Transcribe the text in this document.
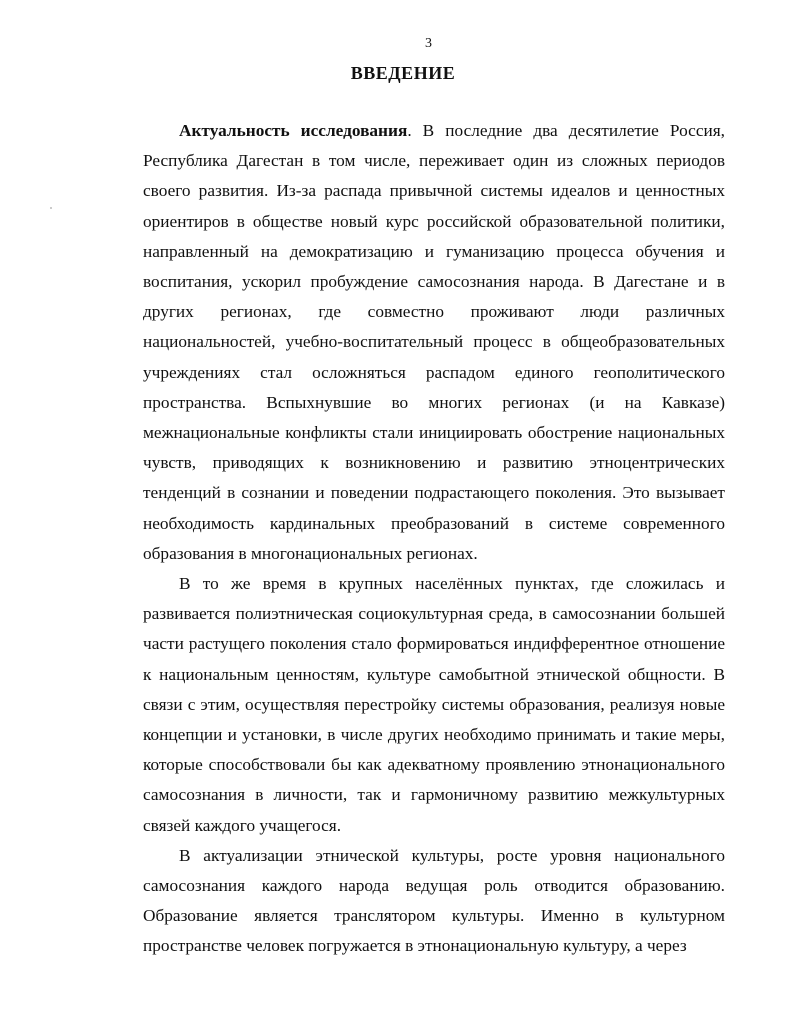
3
ВВЕДЕНИЕ

Актуальность исследования. В последние два десятилетие Россия, Республика Дагестан в том числе, переживает один из сложных периодов своего развития. Из-за распада привычной системы идеалов и ценностных ориентиров в обществе новый курс российской образовательной политики, направленный на демократизацию и гуманизацию процесса обучения и воспитания, ускорил пробуждение самосознания народа. В Дагестане и в других регионах, где совместно проживают люди различных национальностей, учебно-воспитательный процесс в общеобразовательных учреждениях стал осложняться распадом единого геополитического пространства. Вспыхнувшие во многих регионах (и на Кавказе) межнациональные конфликты стали инициировать обострение национальных чувств, приводящих к возникновению и развитию этноцентрических тенденций в сознании и поведении подрастающего поколения. Это вызывает необходимость кардинальных преобразований в системе современного образования в многонациональных регионах.

В то же время в крупных населённых пунктах, где сложилась и развивается полиэтническая социокультурная среда, в самосознании большей части растущего поколения стало формироваться индифферентное отношение к национальным ценностям, культуре самобытной этнической общности. В связи с этим, осуществляя перестройку системы образования, реализуя новые концепции и установки, в числе других необходимо принимать и такие меры, которые способствовали бы как адекватному проявлению этнонационального самосознания в личности, так и гармоничному развитию межкультурных связей каждого учащегося.

В актуализации этнической культуры, росте уровня национального самосознания каждого народа ведущая роль отводится образованию. Образование является транслятором культуры. Именно в культурном пространстве человек погружается в этнонациональную культуру, а через
